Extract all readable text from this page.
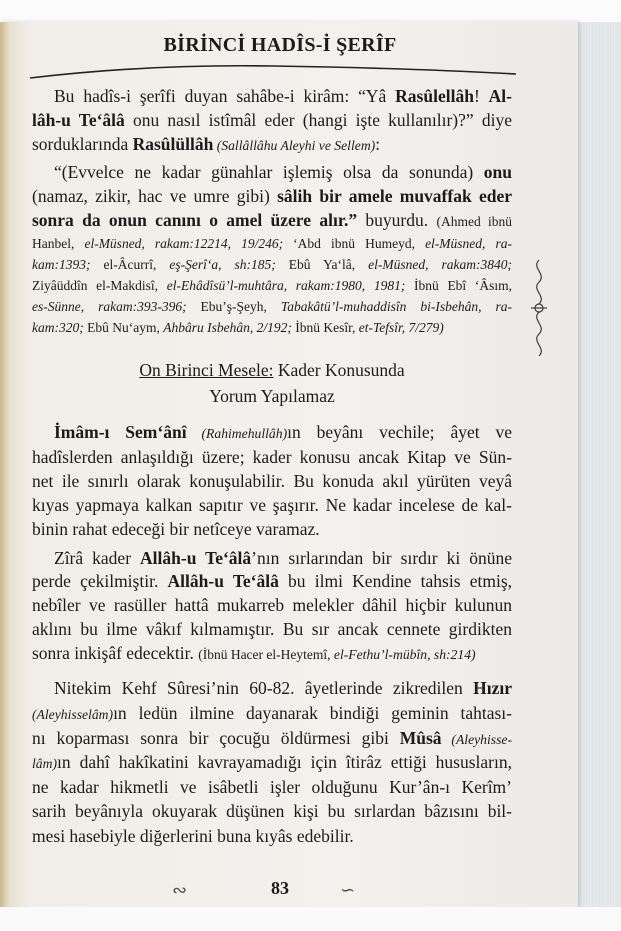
BİRİNCİ HADÎS-İ ŞERÎF
Bu hadîs-i şerîfi duyan sahâbe-i kirâm: “Yâ Rasûlellâh! Al-
lâh-u Te‘âlâ onu nasıl istîmâl eder (hangi işte kullanılır)?” diye
sorduklarında Rasûlüllâh (Sallâllâhu Aleyhi ve Sellem):
“(Evvelce ne kadar günahlar işlemiş olsa da sonunda) onu
(namaz, zikir, hac ve umre gibi) sâlih bir amele muvaffak eder
sonra da onun canını o amel üzere alır.” buyurdu. (Ahmed ibnü
Hanbel, el-Müsned, rakam:12214, 19/246; ‘Abd ibnü Humeyd, el-Müsned, ra-
kam:1393; el-Âcurrî, eş-Şerî‘a, sh:185; Ebû Ya‘lâ, el-Müsned, rakam:3840;
Ziyâüddîn el-Makdisî, el-Ehâdîsü’l-muhtâra, rakam:1980, 1981; İbnü Ebî ‘Âsım,
es-Sünne, rakam:393-396; Ebu’ş-Şeyh, Tabakâtü’l-muhaddisîn bi-Isbehân, ra-
kam:320; Ebû Nu‘aym, Ahbâru Isbehân, 2/192; İbnü Kesîr, et-Tefsîr, 7/279)
On Birinci Mesele: Kader Konusunda
Yorum Yapılamaz
İmâm-ı Sem‘ânî (Rahimehullâh)ın beyânı vechile; âyet ve
hadîslerden anlaşıldığı üzere; kader konusu ancak Kitap ve Sün-
net ile sınırlı olarak konuşulabilir. Bu konuda akıl yürüten veyâ
kıyas yapmaya kalkan sapıtır ve şaşırır. Ne kadar incelese de kal-
binin rahat edeceği bir netîceye varamaz.
Zîrâ kader Allâh-u Te‘âlâ’nın sırlarından bir sırdır ki önüne
perde çekilmiştir. Allâh-u Te‘âlâ bu ilmi Kendine tahsis etmiş,
nebîler ve rasüller hattâ mukarreb melekler dâhil hiçbir kulunun
aklını bu ilme vâkıf kılmamıştır. Bu sır ancak cennete girdikten
sonra inkişâf edecektir. (İbnü Hacer el-Heytemî, el-Fethu’l-mübîn, sh:214)
Nitekim Kehf Sûresi’nin 60-82. âyetlerinde zikredilen Hızır
(Aleyhisselâm)ın ledün ilmine dayanarak bindiği geminin tahtası-
nı koparması sonra bir çocuğu öldürmesi gibi Mûsâ (Aleyhisse-
lâm)ın dahî hakîkatini kavrayamadığı için îtirâz ettiği hususların,
ne kadar hikmetli ve isâbetli işler olduğunu Kur’ân-ı Kerîm’
sarih beyânıyla okuyarak düşünen kişi bu sırlardan bâzısını bil-
mesi hasebiyle diğerlerini buna kıyâs edebilir.
∾	83	∽
